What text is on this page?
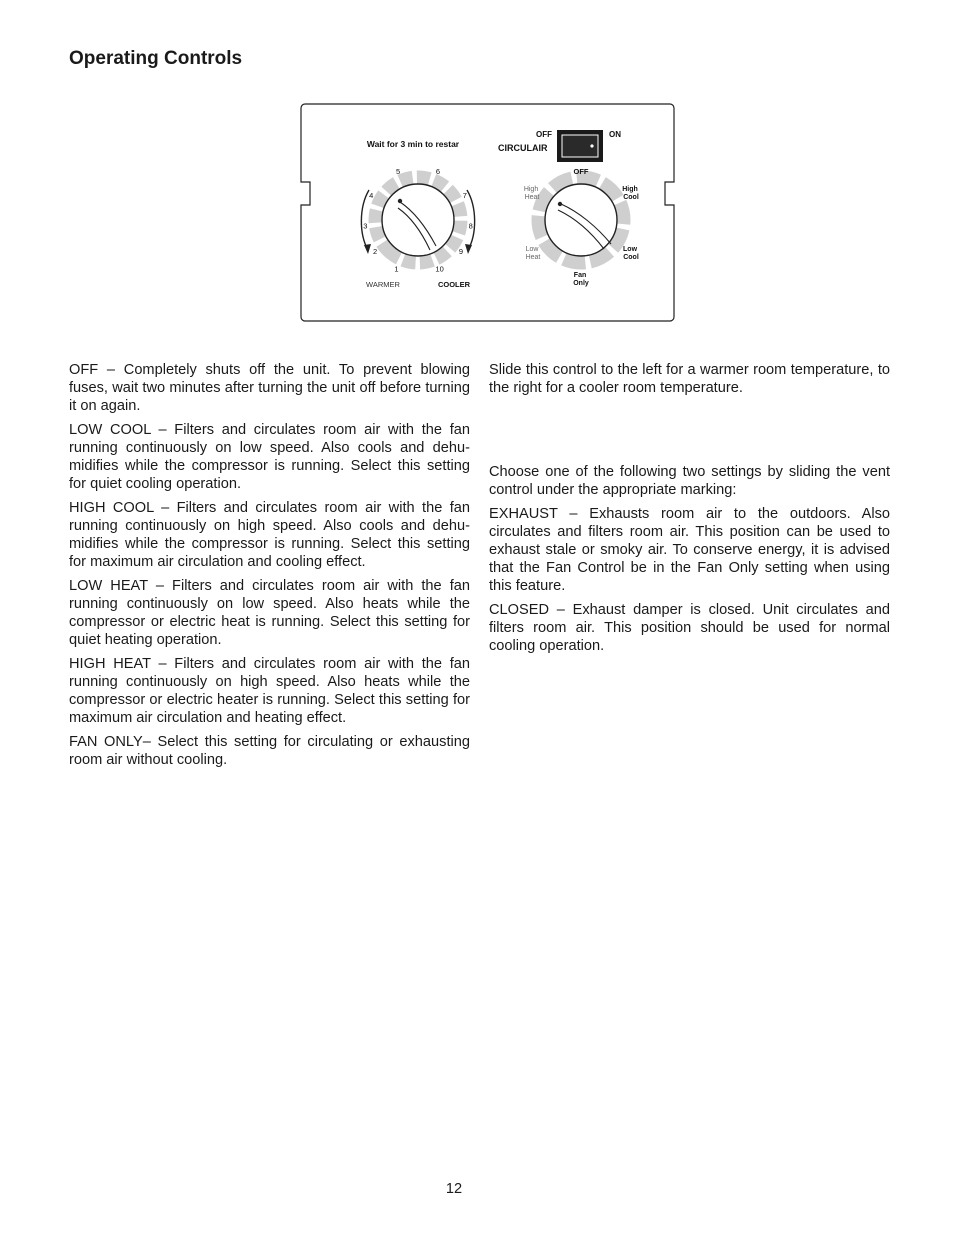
Operating Controls
Wait for 3 min to restar
OFF	ON
CIRCULAIR
1
2
3
4
5	6
7
8
9
10
WARMER	COOLER
OFF
High Heat
High Cool
Low Heat
Low Cool
Fan Only

OFF – Completely shuts off the unit. To prevent blowing fuses, wait two minutes after turning the unit off before turning it on again.

LOW COOL – Filters and circulates room air with the fan running continuously on low speed. Also cools and dehu-midifies while the compressor is running. Select this setting for quiet cooling operation.

HIGH COOL – Filters and circulates room air with the fan running continuously on high speed. Also cools and dehu-midifies while the compressor is running. Select this setting for maximum air circulation and cooling effect.

LOW HEAT – Filters and circulates room air with the fan running continuously on low speed. Also heats while the compressor or electric heat is running. Select this setting for quiet heating operation.

HIGH HEAT – Filters and circulates room air with the fan running continuously on high speed. Also heats while the compressor or electric heater is running. Select this setting for maximum air circulation and heating effect.

FAN ONLY– Select this setting for circulating or exhausting room air without cooling.

Slide this control to the left for a warmer room temperature, to the right for a cooler room temperature.

Choose one of the following two settings by sliding the vent control under the appropriate marking:

EXHAUST – Exhausts room air to the outdoors. Also circulates and filters room air. This position can be used to exhaust stale or smoky air. To conserve energy, it is advised that the Fan Control be in the Fan Only setting when using this feature.

CLOSED – Exhaust damper is closed. Unit circulates and filters room air. This position should be used for normal cooling operation.

12
